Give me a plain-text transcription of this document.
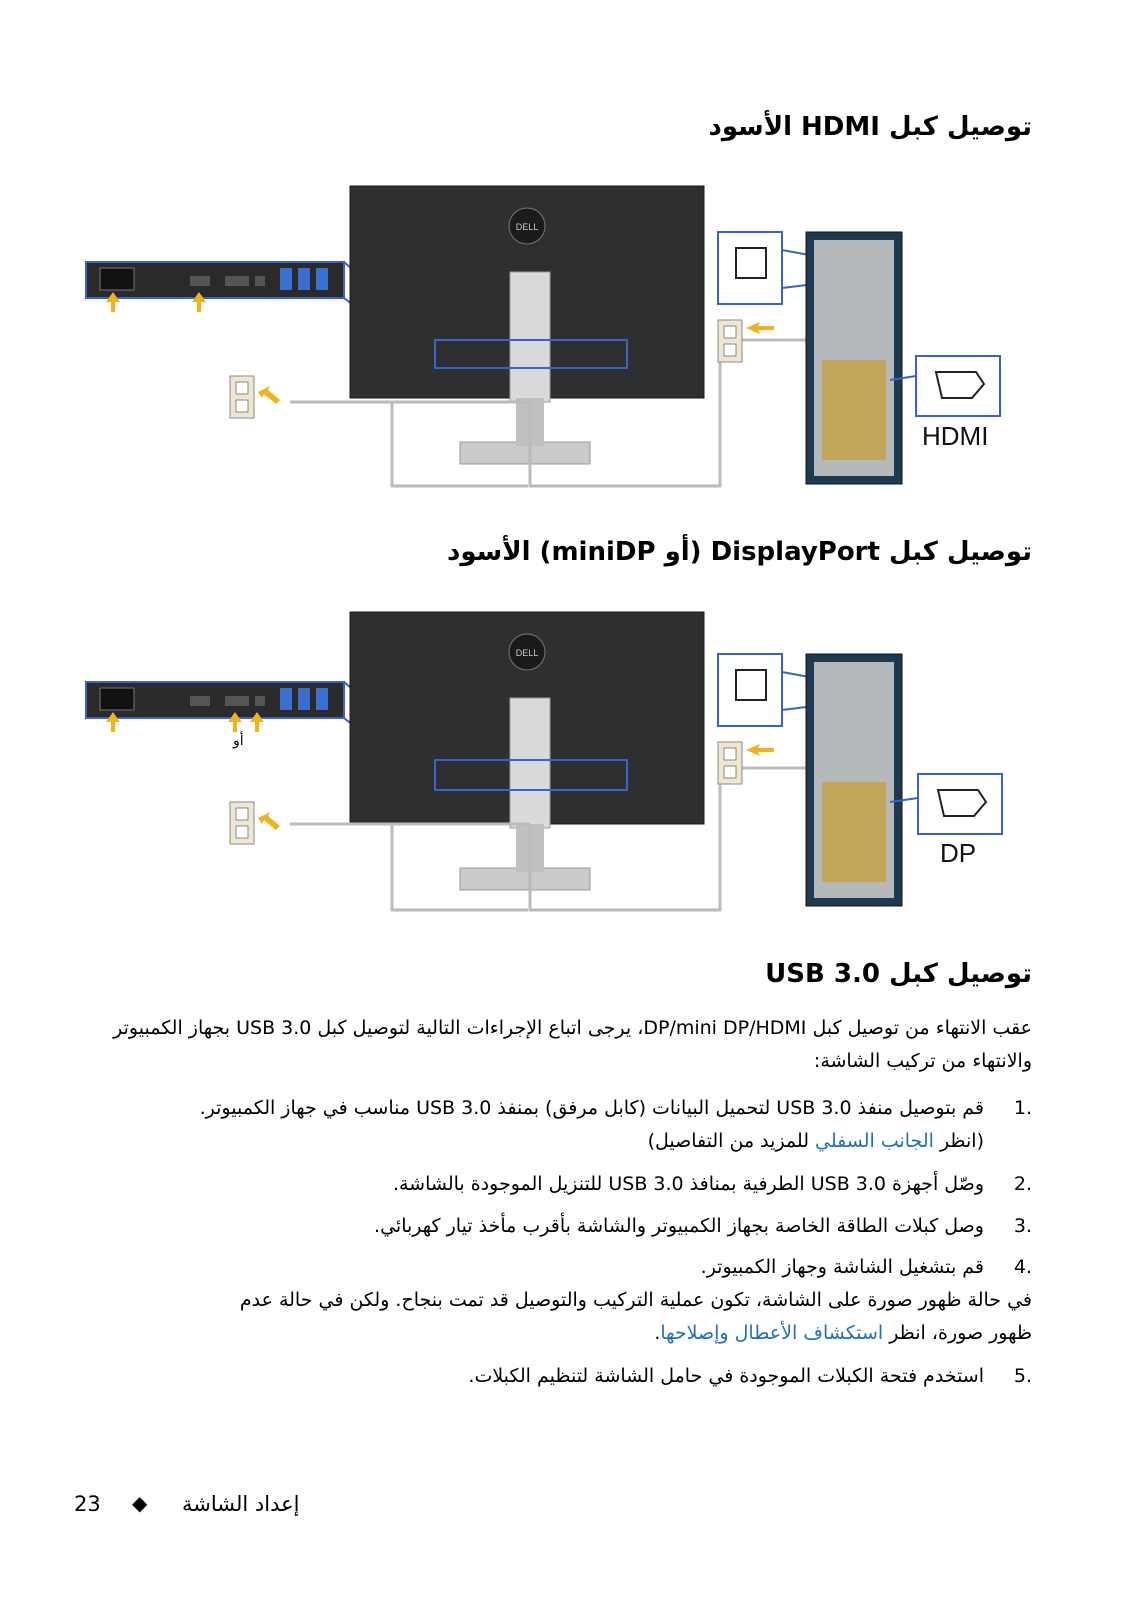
توصيل كبل HDMI الأسود
DELL
HDMI
توصيل كبل DisplayPort (أو miniDP) الأسود
DELL
أو
DP
توصيل كبل USB 3.0
عقب الانتهاء من توصيل كبل DP/mini DP/HDMI، يرجى اتباع الإجراءات التالية لتوصيل كبل USB 3.0 بجهاز الكمبيوتر والانتهاء من تركيب الشاشة:
1.
قم بتوصيل منفذ USB 3.0 لتحميل البيانات (كابل مرفق) بمنفذ USB 3.0 مناسب في جهاز الكمبيوتر.
(انظر الجانب السفلي للمزيد من التفاصيل)
2.
وصّل أجهزة USB 3.0 الطرفية بمنافذ USB 3.0 للتنزيل الموجودة بالشاشة.
3.
وصل كبلات الطاقة الخاصة بجهاز الكمبيوتر والشاشة بأقرب مأخذ تيار كهربائي.
4.
قم بتشغيل الشاشة وجهاز الكمبيوتر.
في حالة ظهور صورة على الشاشة، تكون عملية التركيب والتوصيل قد تمت بنجاح. ولكن في حالة عدم
ظهور صورة، انظر استكشاف الأعطال وإصلاحها.
5.
استخدم فتحة الكبلات الموجودة في حامل الشاشة لتنظيم الكبلات.
23 ◆ إعداد الشاشة
